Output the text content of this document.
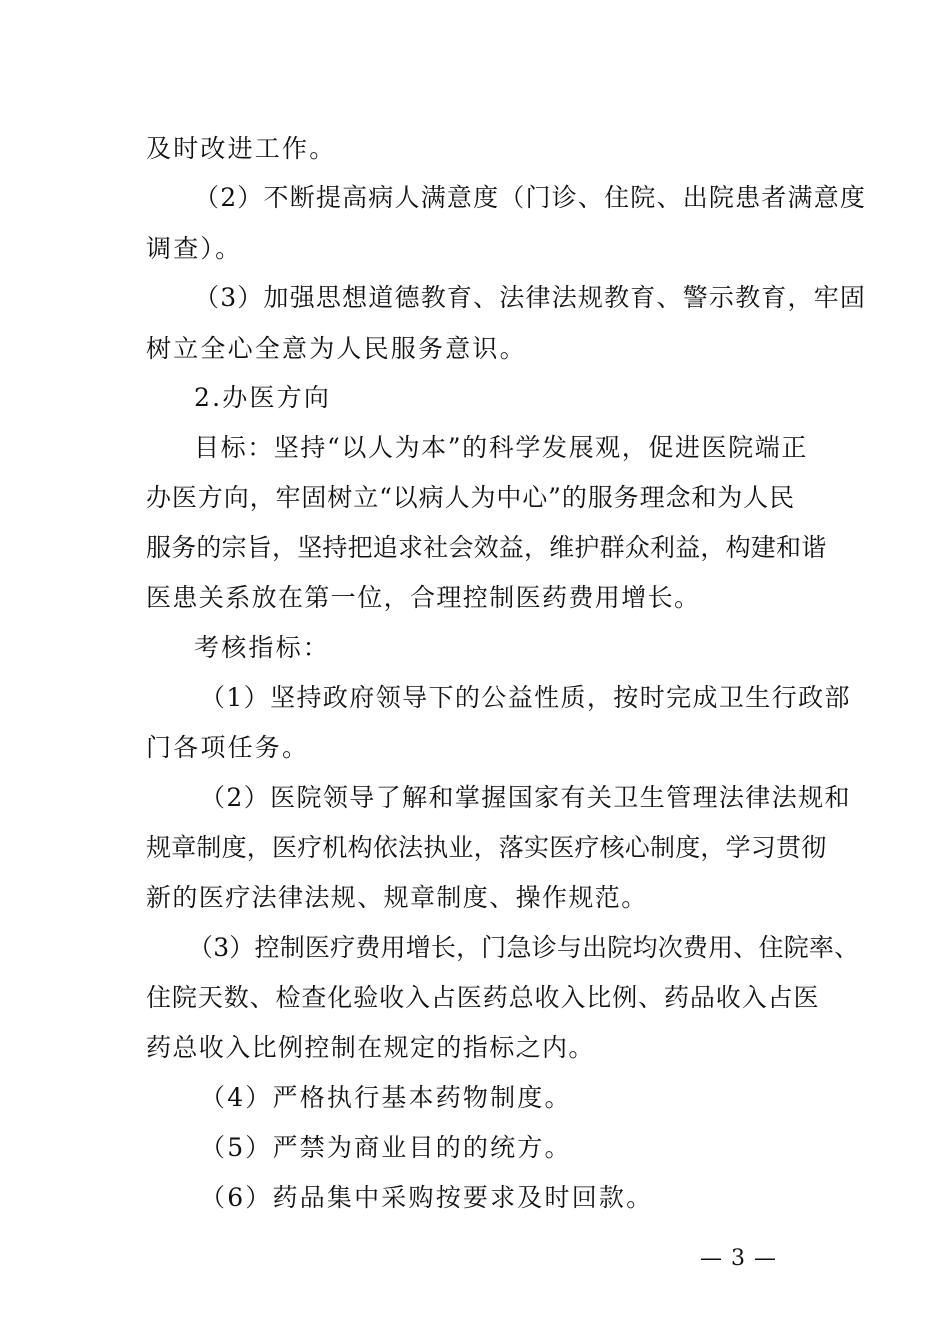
及时改进工作。
（2）不断提高病人满意度（门诊、住院、出院患者满意度
调查）。
（3）加强思想道德教育、法律法规教育、警示教育，牢固
树立全心全意为人民服务意识。
2.办医方向
目标：坚持“以人为本”的科学发展观，促进医院端正
办医方向，牢固树立“以病人为中心”的服务理念和为人民
服务的宗旨，坚持把追求社会效益，维护群众利益，构建和谐
医患关系放在第一位，合理控制医药费用增长。
考核指标：
（1）坚持政府领导下的公益性质，按时完成卫生行政部
门各项任务。
（2）医院领导了解和掌握国家有关卫生管理法律法规和
规章制度，医疗机构依法执业，落实医疗核心制度，学习贯彻
新的医疗法律法规、规章制度、操作规范。
（3）控制医疗费用增长，门急诊与出院均次费用、住院率、
住院天数、检查化验收入占医药总收入比例、药品收入占医
药总收入比例控制在规定的指标之内。
（4）严格执行基本药物制度。
（5）严禁为商业目的的统方。
（6）药品集中采购按要求及时回款。
— 3 —
